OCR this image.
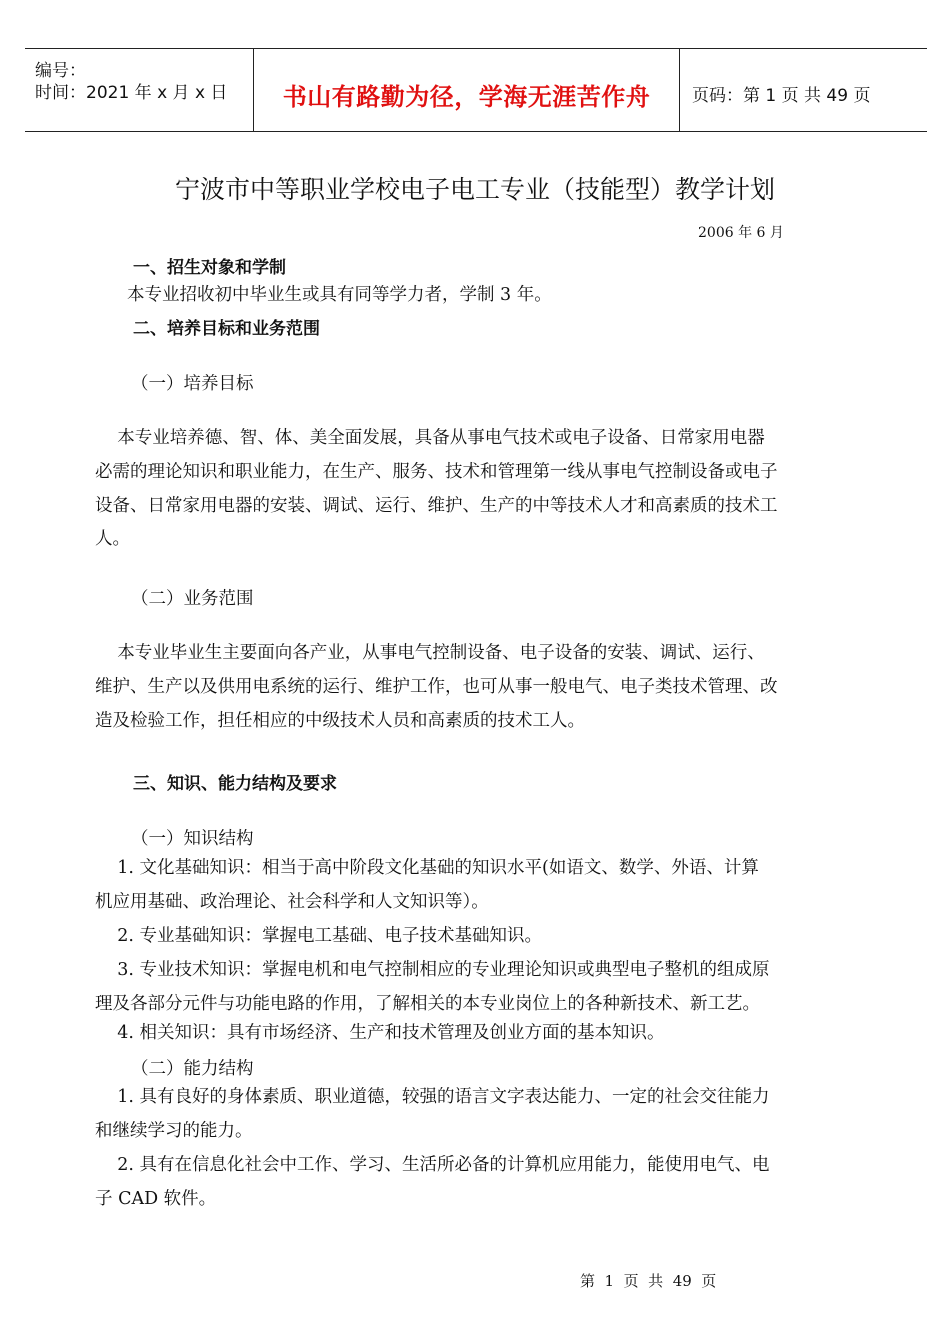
编号：
时间：2021 年 x 月 x 日	书山有路勤为径，学海无涯苦作舟	页码：第 1 页 共 49 页
宁波市中等职业学校电子电工专业（技能型）教学计划
2006 年 6 月
一、招生对象和学制
本专业招收初中毕业生或具有同等学力者，学制 3 年。
二、培养目标和业务范围
（一）培养目标
本专业培养德、智、体、美全面发展，具备从事电气技术或电子设备、日常家用电器
必需的理论知识和职业能力，在生产、服务、技术和管理第一线从事电气控制设备或电子
设备、日常家用电器的安装、调试、运行、维护、生产的中等技术人才和高素质的技术工
人。
（二）业务范围
本专业毕业生主要面向各产业，从事电气控制设备、电子设备的安装、调试、运行、
维护、生产以及供用电系统的运行、维护工作，也可从事一般电气、电子类技术管理、改
造及检验工作，担任相应的中级技术人员和高素质的技术工人。
三、知识、能力结构及要求
（一）知识结构
1. 文化基础知识：相当于高中阶段文化基础的知识水平(如语文、数学、外语、计算
机应用基础、政治理论、社会科学和人文知识等）。
2. 专业基础知识：掌握电工基础、电子技术基础知识。
3. 专业技术知识：掌握电机和电气控制相应的专业理论知识或典型电子整机的组成原
理及各部分元件与功能电路的作用，了解相关的本专业岗位上的各种新技术、新工艺。
4. 相关知识：具有市场经济、生产和技术管理及创业方面的基本知识。
（二）能力结构
1. 具有良好的身体素质、职业道德，较强的语言文字表达能力、一定的社会交往能力
和继续学习的能力。
2. 具有在信息化社会中工作、学习、生活所必备的计算机应用能力，能使用电气、电
子 CAD 软件。
第  1  页  共  49  页
